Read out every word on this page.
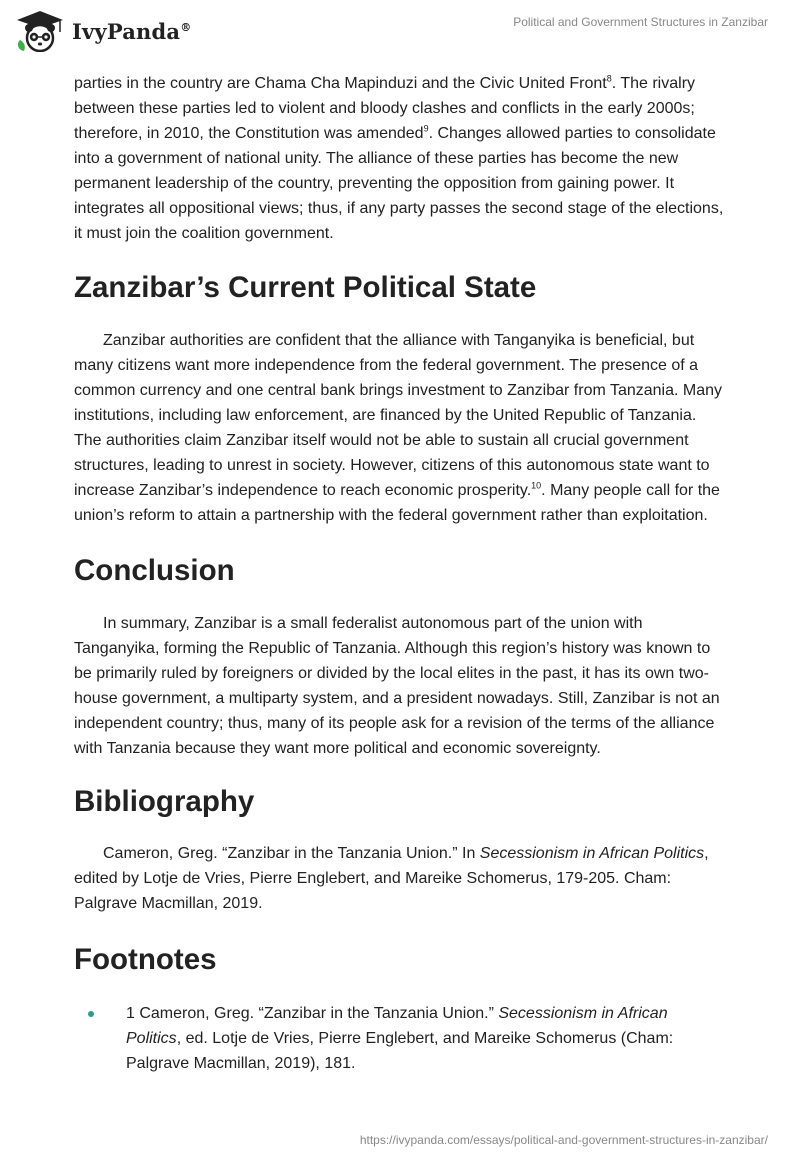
IvyPanda®	Political and Government Structures in Zanzibar

parties in the country are Chama Cha Mapinduzi and the Civic United Front$^8$. The rivalry between these parties led to violent and bloody clashes and conflicts in the early 2000s; therefore, in 2010, the Constitution was amended$^9$. Changes allowed parties to consolidate into a government of national unity. The alliance of these parties has become the new permanent leadership of the country, preventing the opposition from gaining power. It integrates all oppositional views; thus, if any party passes the second stage of the elections, it must join the coalition government.

Zanzibar’s Current Political State

Zanzibar authorities are confident that the alliance with Tanganyika is beneficial, but many citizens want more independence from the federal government. The presence of a common currency and one central bank brings investment to Zanzibar from Tanzania. Many institutions, including law enforcement, are financed by the United Republic of Tanzania. The authorities claim Zanzibar itself would not be able to sustain all crucial government structures, leading to unrest in society. However, citizens of this autonomous state want to increase Zanzibar’s independence to reach economic prosperity.$^{10}$. Many people call for the union’s reform to attain a partnership with the federal government rather than exploitation.

Conclusion

In summary, Zanzibar is a small federalist autonomous part of the union with Tanganyika, forming the Republic of Tanzania. Although this region’s history was known to be primarily ruled by foreigners or divided by the local elites in the past, it has its own two-house government, a multiparty system, and a president nowadays. Still, Zanzibar is not an independent country; thus, many of its people ask for a revision of the terms of the alliance with Tanzania because they want more political and economic sovereignty.

Bibliography

Cameron, Greg. “Zanzibar in the Tanzania Union.” In Secessionism in African Politics, edited by Lotje de Vries, Pierre Englebert, and Mareike Schomerus, 179-205. Cham: Palgrave Macmillan, 2019.

Footnotes
1 Cameron, Greg. “Zanzibar in the Tanzania Union.” Secessionism in African Politics, ed. Lotje de Vries, Pierre Englebert, and Mareike Schomerus (Cham: Palgrave Macmillan, 2019), 181.
https://ivypanda.com/essays/political-and-government-structures-in-zanzibar/
